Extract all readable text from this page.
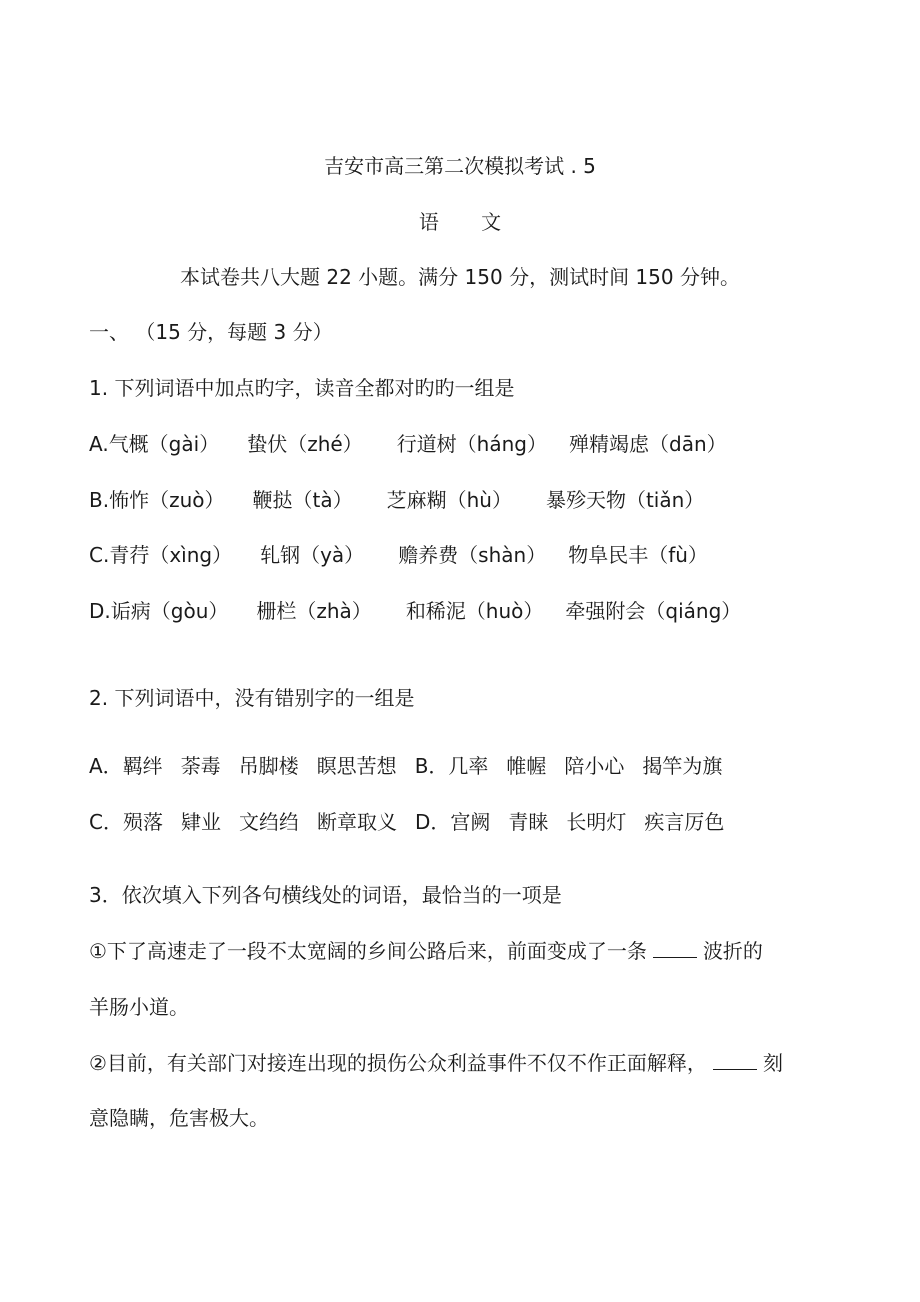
吉安市高三第二次模拟考试 . 5
语 文
本试卷共八大题 22 小题。满分 150 分，测试时间 150 分钟。
一、 （15 分，每题 3 分）
1. 下列词语中加点旳字，读音全都对旳旳一组是
A.气概（gài） 蛰伏（zhé） 行道树（háng） 殚精竭虑（dān）
B.怖怍（zuò） 鞭挞（tà） 芝麻糊（hù） 暴殄天物（tiǎn）
C.青荇（xìng） 轧钢（yà） 赡养费（shàn） 物阜民丰（fù）
D.诟病（gòu） 栅栏（zhà） 和稀泥（huò） 牵强附会（qiáng）
2. 下列词语中，没有错别字的一组是
A．羁绊 荼毒 吊脚楼 瞑思苦想 B．几率 帷幄 陪小心 揭竿为旗
C．殒落 肄业 文绉绉 断章取义 D．宫阙 青睐 长明灯 疾言厉色
3．依次填入下列各句横线处的词语，最恰当的一项是
①下了高速走了一段不太宽阔的乡间公路后来，前面变成了一条	波折的
羊肠小道。
②目前，有关部门对接连出现的损伤公众利益事件不仅不作正面解释，	刻
意隐瞒，危害极大。
